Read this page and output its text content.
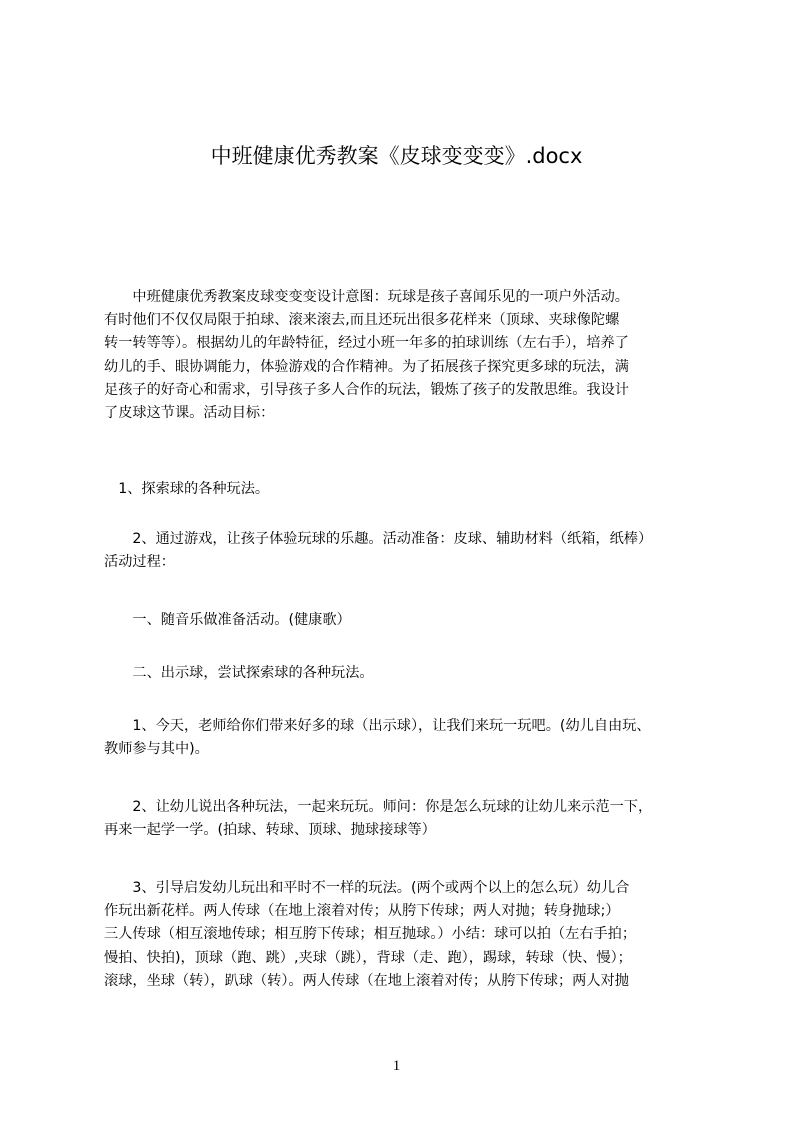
中班健康优秀教案《皮球变变变》.docx
　　中班健康优秀教案皮球变变变设计意图：玩球是孩子喜闻乐见的一项户外活动。
有时他们不仅仅局限于拍球、滚来滚去,而且还玩出很多花样来（顶球、夹球像陀螺
转一转等等）。根据幼儿的年龄特征，经过小班一年多的拍球训练（左右手），培养了
幼儿的手、眼协调能力，体验游戏的合作精神。为了拓展孩子探究更多球的玩法，满
足孩子的好奇心和需求，引导孩子多人合作的玩法，锻炼了孩子的发散思维。我设计
了皮球这节课。活动目标：
　1、探索球的各种玩法。
　　2、通过游戏，让孩子体验玩球的乐趣。活动准备：皮球、辅助材料（纸箱，纸棒）
活动过程：
　　一、随音乐做准备活动。(健康歌）
　　二、出示球，尝试探索球的各种玩法。
　　1、今天，老师给你们带来好多的球（出示球），让我们来玩一玩吧。(幼儿自由玩、
教师参与其中)。
　　2、让幼儿说出各种玩法，一起来玩玩。师问：你是怎么玩球的让幼儿来示范一下，
再来一起学一学。(拍球、转球、顶球、抛球接球等）
　　3、引导启发幼儿玩出和平时不一样的玩法。(两个或两个以上的怎么玩）幼儿合
作玩出新花样。两人传球（在地上滚着对传；从胯下传球；两人对抛；转身抛球;）
三人传球（相互滚地传球；相互胯下传球；相互抛球。）小结：球可以拍（左右手拍；
慢拍、快拍)，顶球（跑、跳）,夹球（跳），背球（走、跑），踢球，转球（快、慢）；
滚球，坐球（转），趴球（转）。两人传球（在地上滚着对传；从胯下传球；两人对抛
1
